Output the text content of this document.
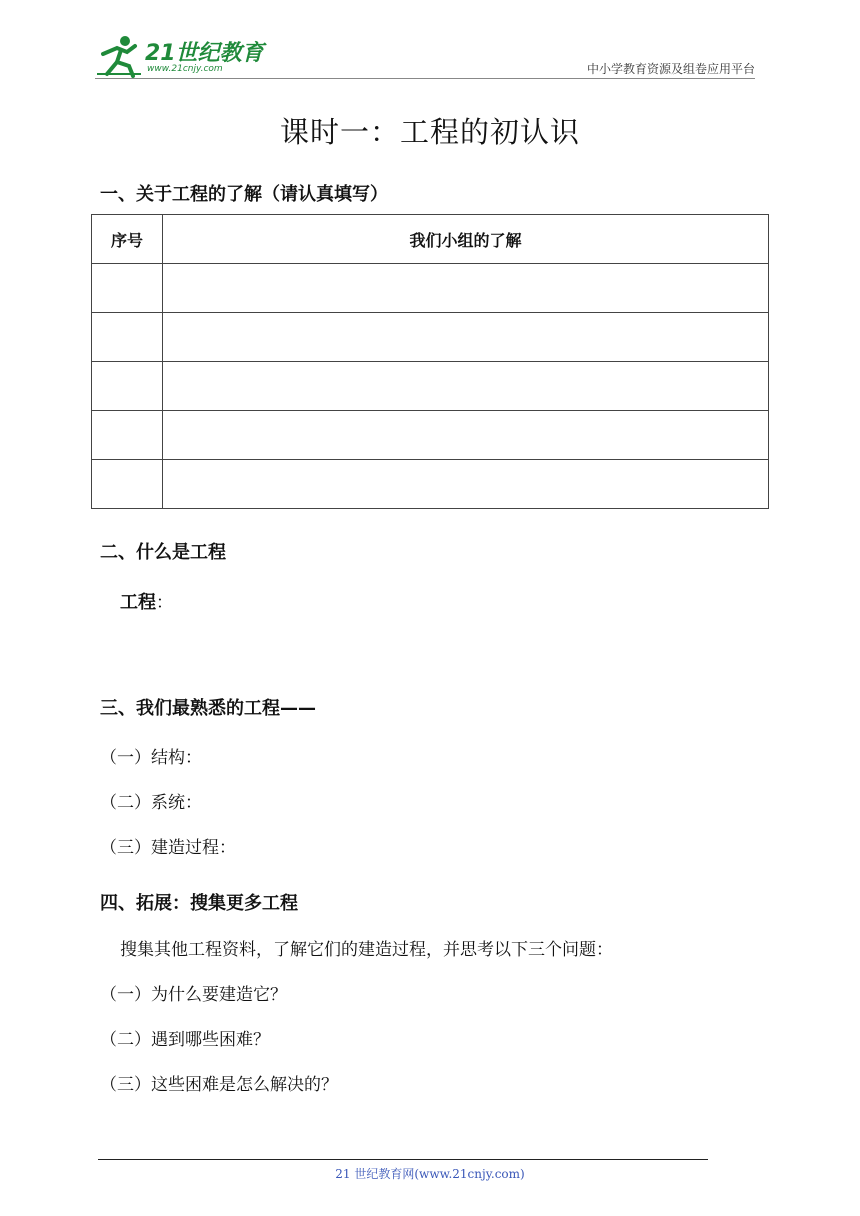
21世纪教育
www.21cnjy.com	中小学教育资源及组卷应用平台
课时一：工程的初认识
一、关于工程的了解（请认真填写）
序号	我们小组的了解

二、什么是工程
工程：
三、我们最熟悉的工程——
（一）结构：
（二）系统：
（三）建造过程：
四、拓展：搜集更多工程
搜集其他工程资料，了解它们的建造过程，并思考以下三个问题：
（一）为什么要建造它？
（二）遇到哪些困难？
（三）这些困难是怎么解决的？
21 世纪教育网(www.21cnjy.com)
